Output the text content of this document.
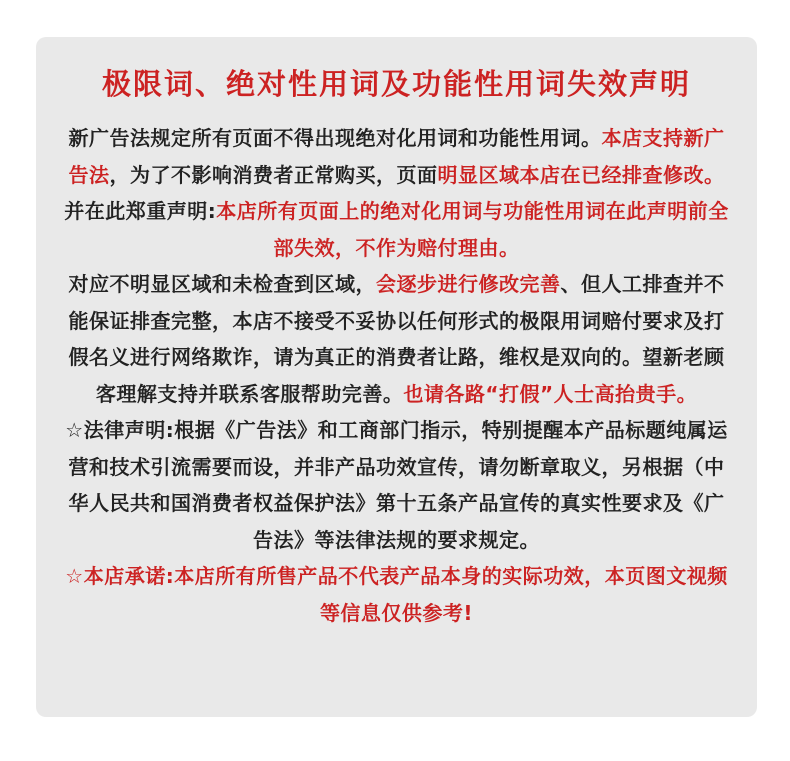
极限词、绝对性用词及功能性用词失效声明

新广告法规定所有页面不得出现绝对化用词和功能性用词。本店支持新广告法，为了不影响消费者正常购买，页面明显区域本店在已经排查修改。

并在此郑重声明:本店所有页面上的绝对化用词与功能性用词在此声明前全部失效，不作为赔付理由。

对应不明显区域和未检查到区域，会逐步进行修改完善、但人工排查并不能保证排查完整，本店不接受不妥协以任何形式的极限用词赔付要求及打假名义进行网络欺诈，请为真正的消费者让路，维权是双向的。望新老顾客理解支持并联系客服帮助完善。也请各路“打假”人士高抬贵手。

☆法律声明:根据《广告法》和工商部门指示，特别提醒本产品标题纯属运营和技术引流需要而设，并非产品功效宣传，请勿断章取义，另根据（中华人民共和国消费者权益保护法》第十五条产品宣传的真实性要求及《广告法》等法律法规的要求规定。

☆本店承诺:本店所有所售产品不代表产品本身的实际功效，本页图文视频等信息仅供参考!
